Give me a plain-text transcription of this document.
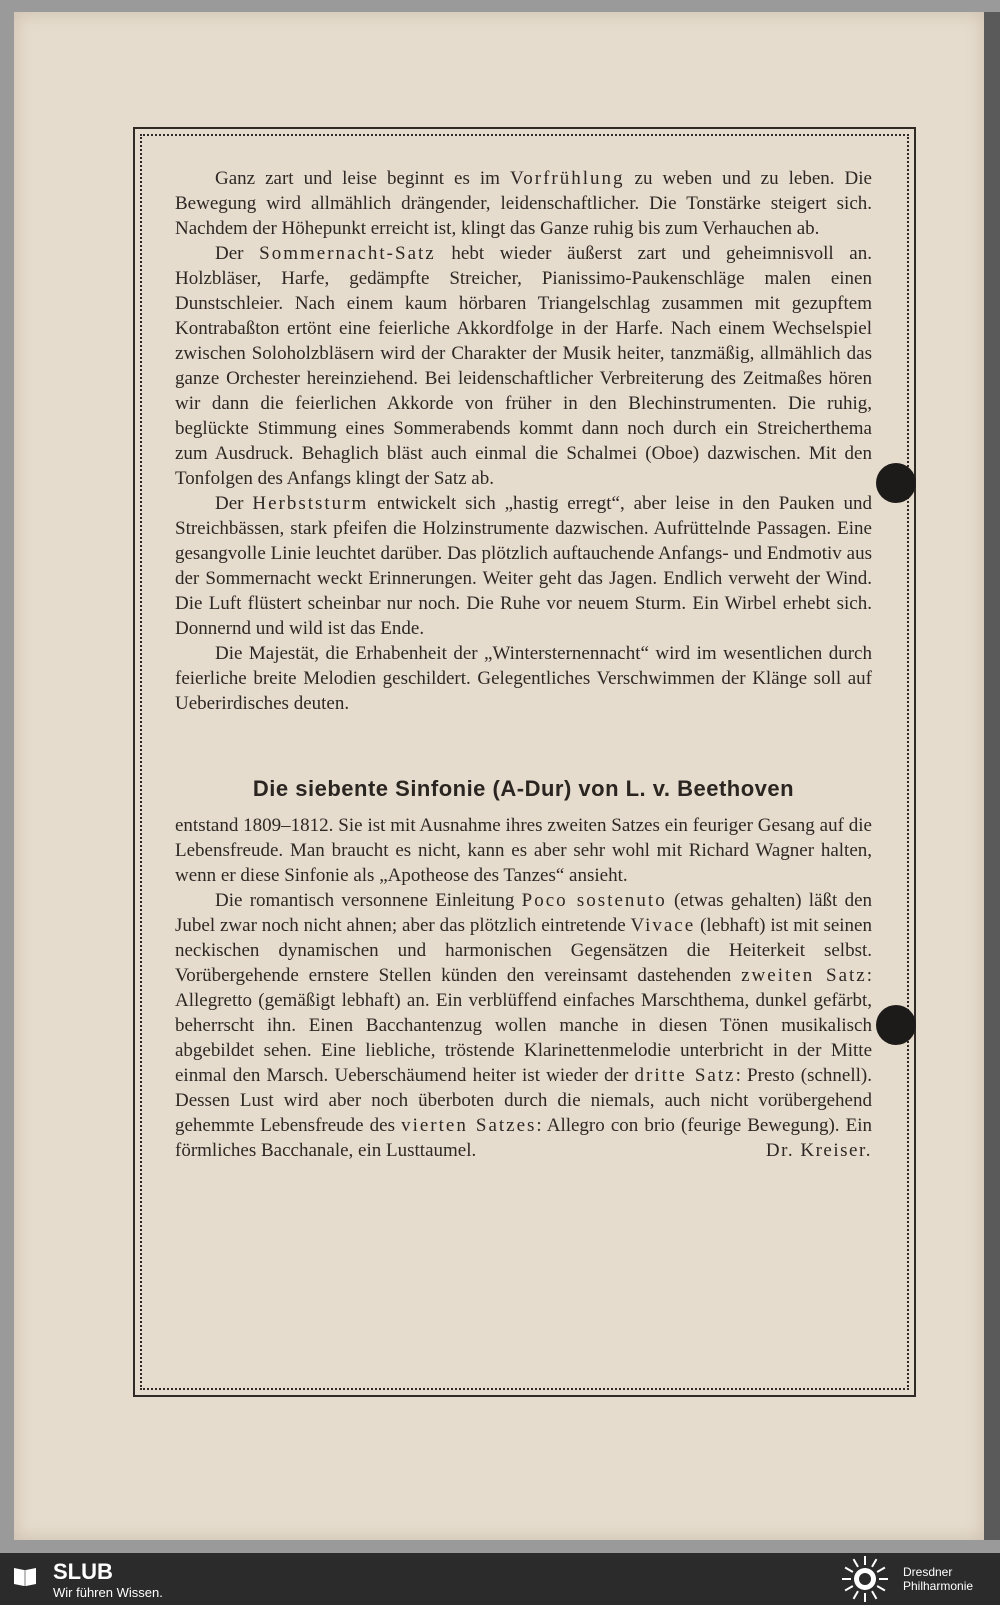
Ganz zart und leise beginnt es im Vorfrühlung zu weben und zu leben. Die Bewegung wird allmählich drängender, leidenschaftlicher. Die Tonstärke steigert sich. Nachdem der Höhepunkt erreicht ist, klingt das Ganze ruhig bis zum Verhauchen ab.

Der Sommernacht-Satz hebt wieder äußerst zart und geheimnisvoll an. Holzbläser, Harfe, gedämpfte Streicher, Pianissimo-Paukenschläge malen einen Dunstschleier. Nach einem kaum hörbaren Triangelschlag zusammen mit gezupftem Kontrabaßton ertönt eine feierliche Akkordfolge in der Harfe. Nach einem Wechselspiel zwischen Soloholzbläsern wird der Charakter der Musik heiter, tanzmäßig, allmählich das ganze Orchester hereinziehend. Bei leidenschaftlicher Verbreiterung des Zeitmaßes hören wir dann die feierlichen Akkorde von früher in den Blechinstrumenten. Die ruhig, beglückte Stimmung eines Sommerabends kommt dann noch durch ein Streicherthema zum Ausdruck. Behaglich bläst auch einmal die Schalmei (Oboe) dazwischen. Mit den Tonfolgen des Anfangs klingt der Satz ab.

Der Herbststurm entwickelt sich „hastig erregt“, aber leise in den Pauken und Streichbässen, stark pfeifen die Holzinstrumente dazwischen. Aufrüttelnde Passagen. Eine gesangvolle Linie leuchtet darüber. Das plötzlich auftauchende Anfangs- und Endmotiv aus der Sommernacht weckt Erinnerungen. Weiter geht das Jagen. Endlich verweht der Wind. Die Luft flüstert scheinbar nur noch. Die Ruhe vor neuem Sturm. Ein Wirbel erhebt sich. Donnernd und wild ist das Ende.

Die Majestät, die Erhabenheit der „Wintersternennacht“ wird im wesentlichen durch feierliche breite Melodien geschildert. Gelegentliches Verschwimmen der Klänge soll auf Ueberirdisches deuten.

Die siebente Sinfonie (A-Dur) von L. v. Beethoven

entstand 1809–1812. Sie ist mit Ausnahme ihres zweiten Satzes ein feuriger Gesang auf die Lebensfreude. Man braucht es nicht, kann es aber sehr wohl mit Richard Wagner halten, wenn er diese Sinfonie als „Apotheose des Tanzes“ ansieht.

Die romantisch versonnene Einleitung Poco sostenuto (etwas gehalten) läßt den Jubel zwar noch nicht ahnen; aber das plötzlich eintretende Vivace (lebhaft) ist mit seinen neckischen dynamischen und harmonischen Gegensätzen die Heiterkeit selbst. Vorübergehende ernstere Stellen künden den vereinsamt dastehenden zweiten Satz: Allegretto (gemäßigt lebhaft) an. Ein verblüffend einfaches Marschthema, dunkel gefärbt, beherrscht ihn. Einen Bacchantenzug wollen manche in diesen Tönen musikalisch abgebildet sehen. Eine liebliche, tröstende Klarinettenmelodie unterbricht in der Mitte einmal den Marsch. Ueberschäumend heiter ist wieder der dritte Satz: Presto (schnell). Dessen Lust wird aber noch überboten durch die niemals, auch nicht vorübergehend gehemmte Lebensfreude des vierten Satzes: Allegro con brio (feurige Bewegung). Ein förmliches Bacchanale, ein Lusttaumel.	Dr. Kreiser.

SLUB
Wir führen Wissen.
Dresdner
Philharmonie
